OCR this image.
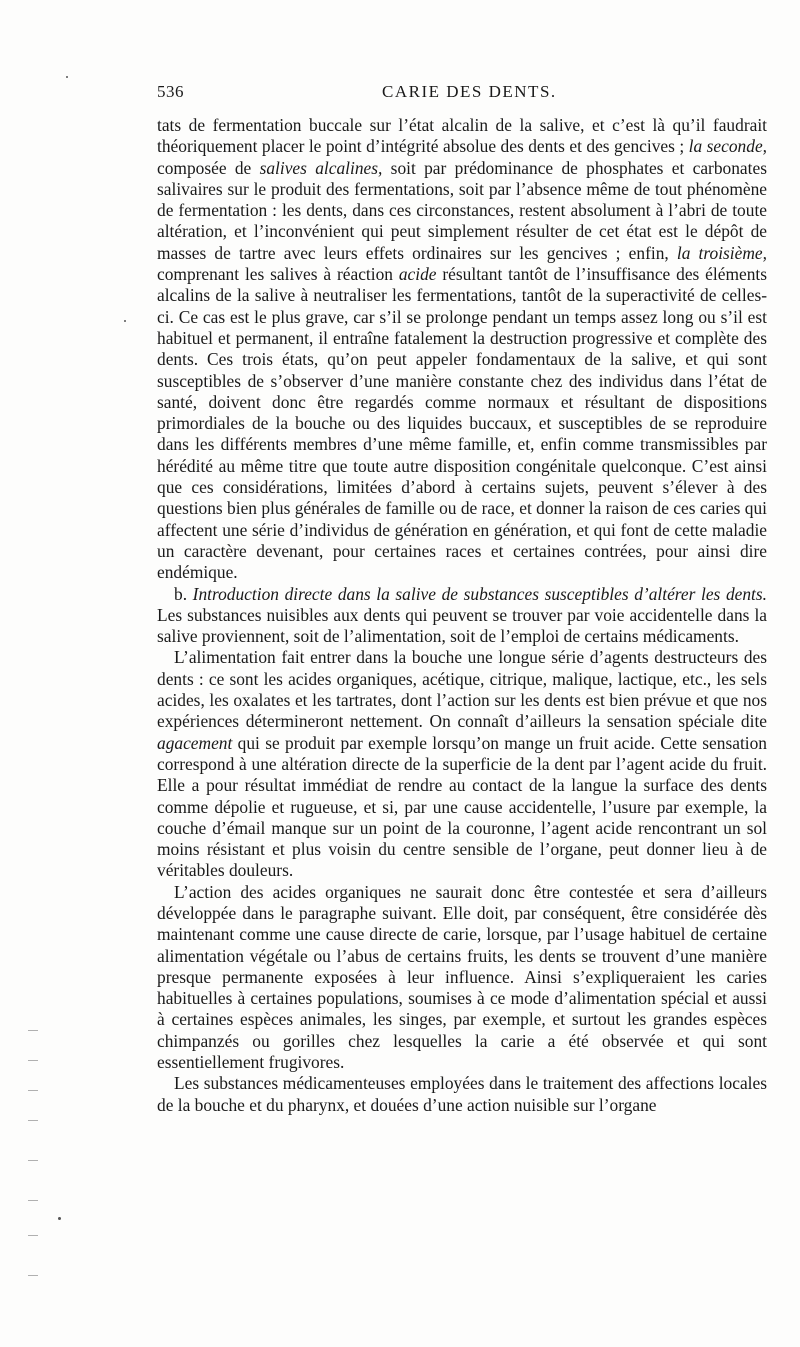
536	CARIE DES DENTS.

tats de fermentation buccale sur l’état alcalin de la salive, et c’est là qu’il faudrait théoriquement placer le point d’intégrité absolue des dents et des gencives ; la seconde, composée de salives alcalines, soit par prédominance de phosphates et carbonates salivaires sur le produit des fermentations, soit par l’absence même de tout phénomène de fermentation : les dents, dans ces circonstances, restent absolument à l’abri de toute altération, et l’inconvénient qui peut simplement résulter de cet état est le dépôt de masses de tartre avec leurs effets ordinaires sur les gencives ; enfin, la troisième, comprenant les salives à réaction acide résultant tantôt de l’insuffisance des éléments alcalins de la salive à neutraliser les fermentations, tantôt de la superactivité de celles-ci. Ce cas est le plus grave, car s’il se prolonge pendant un temps assez long ou s’il est habituel et permanent, il entraîne fatalement la destruction progressive et complète des dents. Ces trois états, qu’on peut appeler fondamentaux de la salive, et qui sont susceptibles de s’observer d’une manière constante chez des individus dans l’état de santé, doivent donc être regardés comme normaux et résultant de dispositions primordiales de la bouche ou des liquides buccaux, et susceptibles de se reproduire dans les différents membres d’une même famille, et, enfin comme transmissibles par hérédité au même titre que toute autre disposition congénitale quelconque. C’est ainsi que ces considérations, limitées d’abord à certains sujets, peuvent s’élever à des questions bien plus générales de famille ou de race, et donner la raison de ces caries qui affectent une série d’individus de génération en génération, et qui font de cette maladie un caractère devenant, pour certaines races et certaines contrées, pour ainsi dire endémique.

b. Introduction directe dans la salive de substances susceptibles d’altérer les dents. Les substances nuisibles aux dents qui peuvent se trouver par voie accidentelle dans la salive proviennent, soit de l’alimentation, soit de l’emploi de certains médicaments.

L’alimentation fait entrer dans la bouche une longue série d’agents destructeurs des dents : ce sont les acides organiques, acétique, citrique, malique, lactique, etc., les sels acides, les oxalates et les tartrates, dont l’action sur les dents est bien prévue et que nos expériences détermineront nettement. On connaît d’ailleurs la sensation spéciale dite agacement qui se produit par exemple lorsqu’on mange un fruit acide. Cette sensation correspond à une altération directe de la superficie de la dent par l’agent acide du fruit. Elle a pour résultat immédiat de rendre au contact de la langue la surface des dents comme dépolie et rugueuse, et si, par une cause accidentelle, l’usure par exemple, la couche d’émail manque sur un point de la couronne, l’agent acide rencontrant un sol moins résistant et plus voisin du centre sensible de l’organe, peut donner lieu à de véritables douleurs.

L’action des acides organiques ne saurait donc être contestée et sera d’ailleurs développée dans le paragraphe suivant. Elle doit, par conséquent, être considérée dès maintenant comme une cause directe de carie, lorsque, par l’usage habituel de certaine alimentation végétale ou l’abus de certains fruits, les dents se trouvent d’une manière presque permanente exposées à leur influence. Ainsi s’expliqueraient les caries habituelles à certaines populations, soumises à ce mode d’alimentation spécial et aussi à certaines espèces animales, les singes, par exemple, et surtout les grandes espèces chimpanzés ou gorilles chez lesquelles la carie a été observée et qui sont essentiellement frugivores.

Les substances médicamenteuses employées dans le traitement des affections locales de la bouche et du pharynx, et douées d’une action nuisible sur l’organe
